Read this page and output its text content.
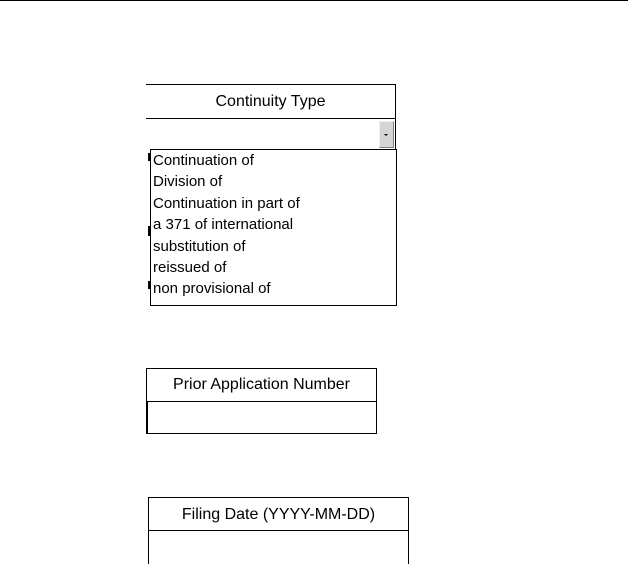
Continuity Type
Continuation of
Division of
Continuation in part of
a 371 of international
substitution of
reissued of
non provisional of
Prior Application Number
Filing Date (YYYY-MM-DD)
